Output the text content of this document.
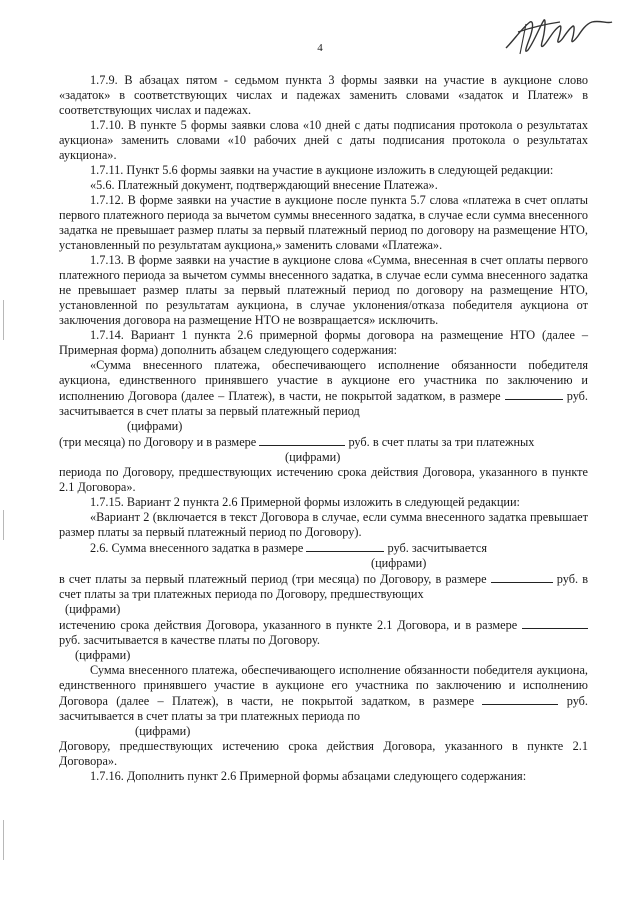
4

1.7.9. В абзацах пятом - седьмом пункта 3 формы заявки на участие в аукционе слово «задаток» в соответствующих числах и падежах заменить словами «задаток и Платеж» в соответствующих числах и падежах.

1.7.10. В пункте 5 формы заявки слова «10 дней с даты подписания протокола о результатах аукциона» заменить словами «10 рабочих дней с даты подписания протокола о результатах аукциона».

1.7.11. Пункт 5.6 формы заявки на участие в аукционе изложить в следующей редакции:

«5.6. Платежный документ, подтверждающий внесение Платежа».

1.7.12. В форме заявки на участие в аукционе после пункта 5.7 слова «платежа в счет оплаты первого платежного периода за вычетом суммы внесенного задатка, в случае если сумма внесенного задатка не превышает размер платы за первый платежный период по договору на размещение НТО, установленный по результатам аукциона,» заменить словами «Платежа».

1.7.13. В форме заявки на участие в аукционе слова «Сумма, внесенная в счет оплаты первого платежного периода за вычетом суммы внесенного задатка, в случае если сумма внесенного задатка не превышает размер платы за первый платежный период по договору на размещение НТО, установленной по результатам аукциона, в случае уклонения/отказа победителя аукциона от заключения договора на размещение НТО не возвращается» исключить.

1.7.14. Вариант 1 пункта 2.6 примерной формы договора на размещение НТО (далее – Примерная форма) дополнить абзацем следующего содержания:

«Сумма внесенного платежа, обеспечивающего исполнение обязанности победителя аукциона, единственного принявшего участие в аукционе его участника по заключению и исполнению Договора (далее – Платеж), в части, не покрытой задатком, в размере	руб. засчитывается в счет платы за первый платежный период

(цифрами)

(три месяца) по Договору и в размере	руб. в счет платы за три платежных

(цифрами)

периода по Договору, предшествующих истечению срока действия Договора, указанного в пункте 2.1 Договора».

1.7.15. Вариант 2 пункта 2.6 Примерной формы изложить в следующей редакции:

«Вариант 2 (включается в текст Договора в случае, если сумма внесенного задатка превышает размер платы за первый платежный период по Договору).

2.6. Сумма внесенного задатка в размере	руб. засчитывается

(цифрами)

в счет платы за первый платежный период (три месяца) по Договору, в размере	руб. в счет платы за три платежных периода по Договору, предшествующих

(цифрами)

истечению срока действия Договора, указанного в пункте 2.1 Договора, и в размере  руб. засчитывается в качестве платы по Договору.

(цифрами)

Сумма внесенного платежа, обеспечивающего исполнение обязанности победителя аукциона, единственного принявшего участие в аукционе его участника по заключению и исполнению Договора (далее – Платеж), в части, не покрытой задатком, в размере	руб. засчитывается в счет платы за три платежных периода по

(цифрами)

Договору, предшествующих истечению срока действия Договора, указанного в пункте 2.1 Договора».

1.7.16. Дополнить пункт 2.6 Примерной формы абзацами следующего содержания:
